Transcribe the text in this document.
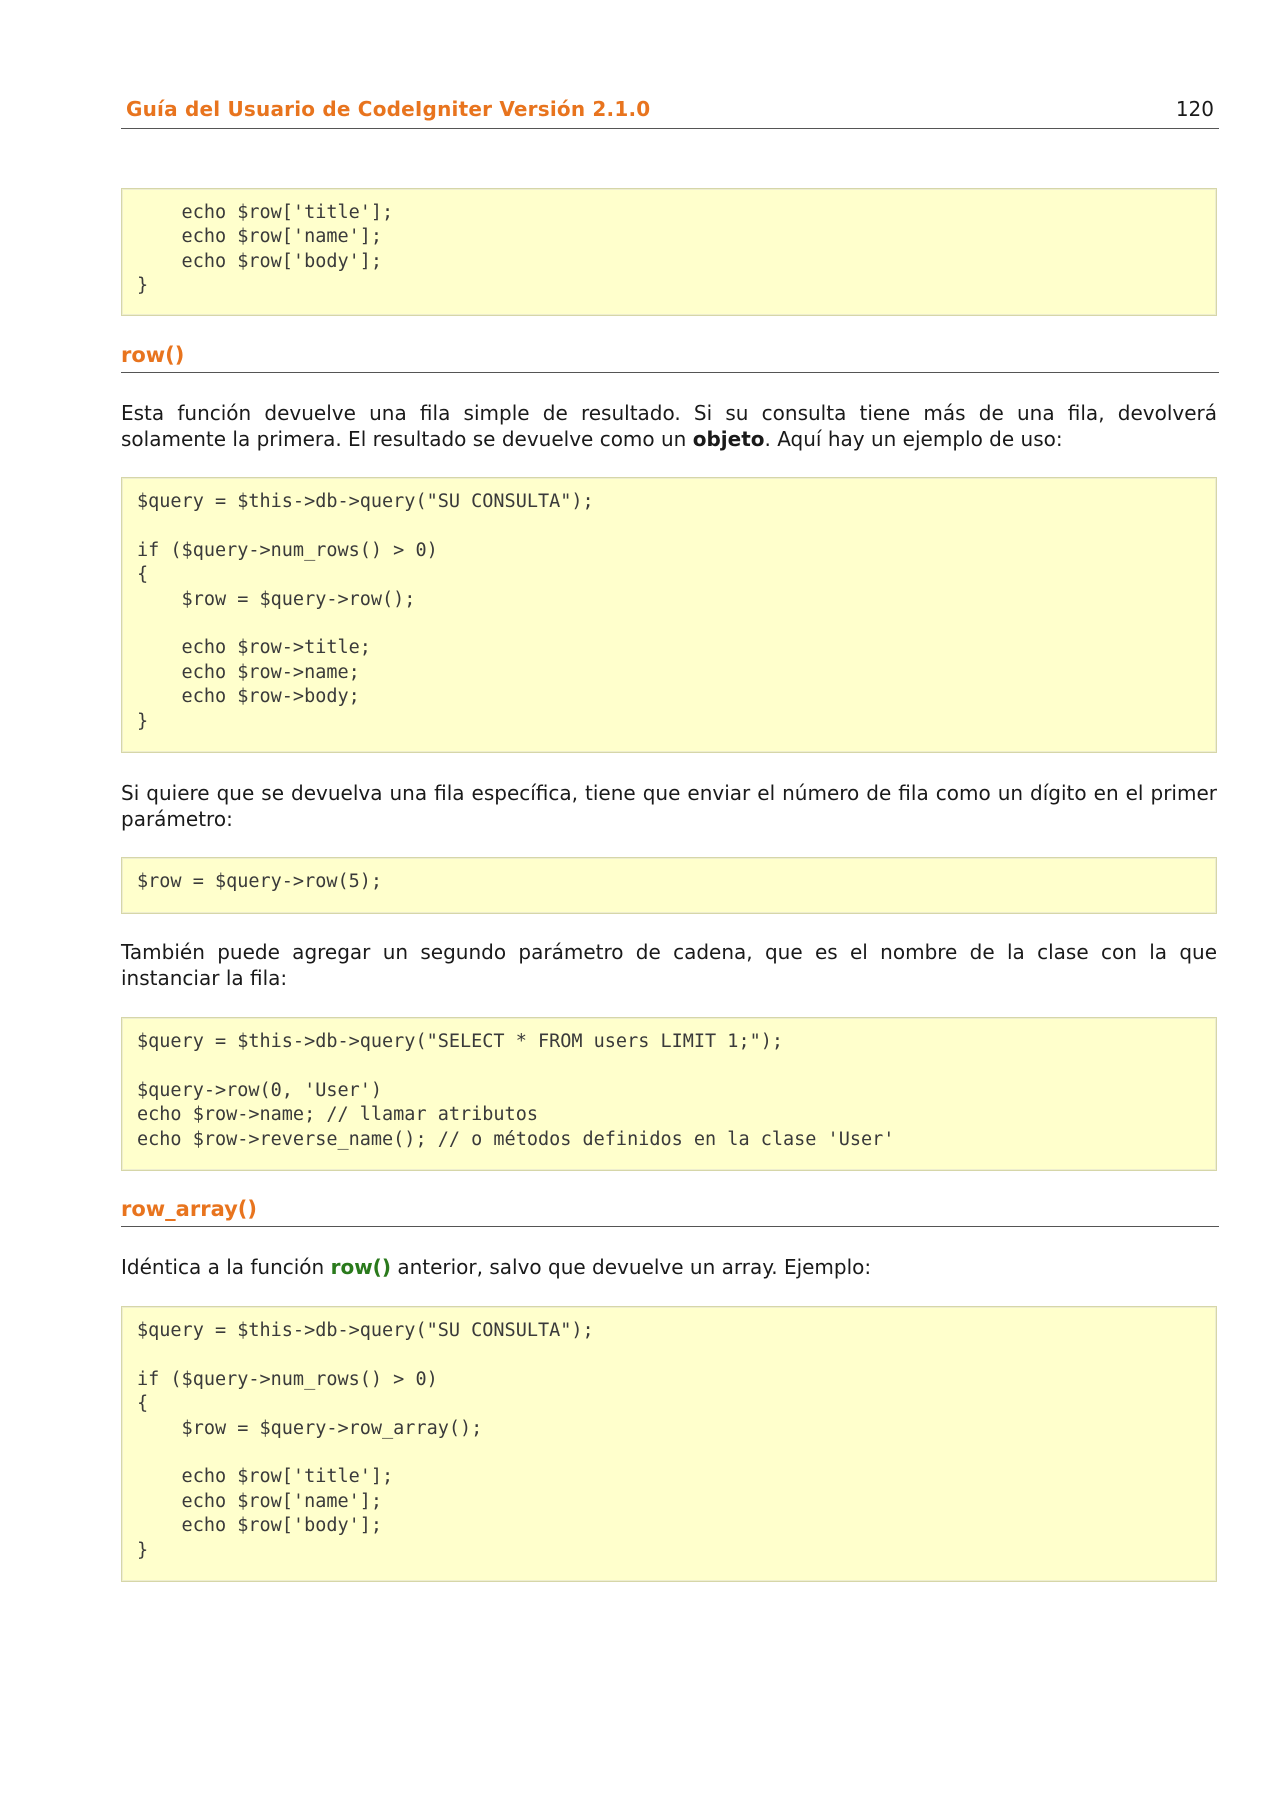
Guía del Usuario de CodeIgniter Versión 2.1.0	120
echo $row['title'];
echo $row['name'];
echo $row['body'];
}
row()

Esta función devuelve una fila simple de resultado. Si su consulta tiene más de una fila, devolverá solamente la primera. El resultado se devuelve como un objeto. Aquí hay un ejemplo de uso:

$query = $this->db->query("SU CONSULTA");

if ($query->num_rows() > 0)
{
$row = $query->row();

echo $row->title;
echo $row->name;
echo $row->body;
}

Si quiere que se devuelva una fila específica, tiene que enviar el número de fila como un dígito en el primer parámetro:

$row = $query->row(5);

También puede agregar un segundo parámetro de cadena, que es el nombre de la clase con la que instanciar la fila:

$query = $this->db->query("SELECT * FROM users LIMIT 1;");

$query->row(0, 'User')
echo $row->name; // llamar atributos
echo $row->reverse_name(); // o métodos definidos en la clase 'User'
row_array()

Idéntica a la función row() anterior, salvo que devuelve un array. Ejemplo:

$query = $this->db->query("SU CONSULTA");

if ($query->num_rows() > 0)
{
$row = $query->row_array();

echo $row['title'];
echo $row['name'];
echo $row['body'];
}
